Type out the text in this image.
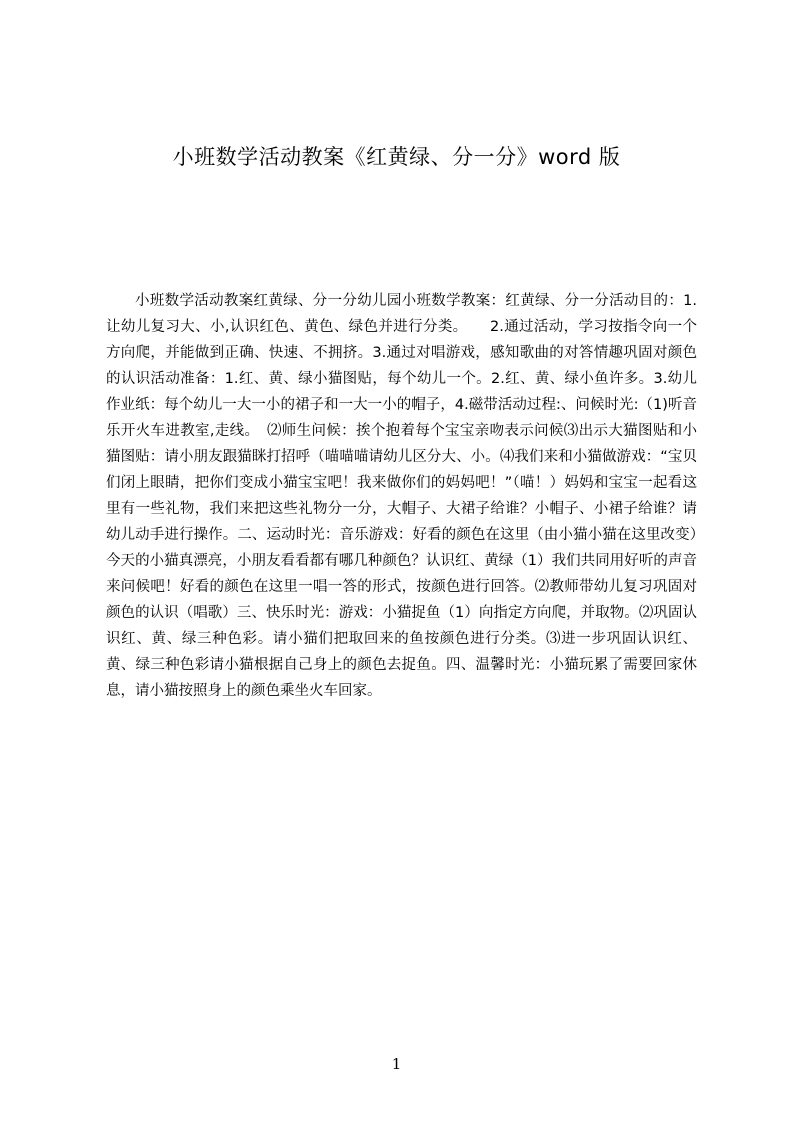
小班数学活动教案《红黄绿、分一分》word 版

小班数学活动教案红黄绿、分一分幼儿园小班数学教案：红黄绿、分一分活动目的：1.让幼儿复习大、小,认识红色、黄色、绿色并进行分类。　　2.通过活动，学习按指令向一个方向爬，并能做到正确、快速、不拥挤。3.通过对唱游戏，感知歌曲的对答情趣巩固对颜色的认识活动准备：1.红、黄、绿小猫图贴，每个幼儿一个。2.红、黄、绿小鱼许多。3.幼儿作业纸：每个幼儿一大一小的裙子和一大一小的帽子，4.磁带活动过程:、问候时光:（1)听音乐开火车进教室,走线。　⑵师生问候：挨个抱着每个宝宝亲吻表示问候⑶出示大猫图贴和小猫图贴：请小朋友跟猫眯打招呼（喵喵喵请幼儿区分大、小。⑷我们来和小猫做游戏：“宝贝们闭上眼睛，把你们变成小猫宝宝吧！我来做你们的妈妈吧！”（喵！）妈妈和宝宝一起看这里有一些礼物，我们来把这些礼物分一分，大帽子、大裙子给谁？小帽子、小裙子给谁？请幼儿动手进行操作。二、运动时光：音乐游戏：好看的颜色在这里（由小猫小猫在这里改变）今天的小猫真漂亮，小朋友看看都有哪几种颜色？认识红、黄绿（1）我们共同用好听的声音来问候吧！好看的颜色在这里一唱一答的形式，按颜色进行回答。⑵教师带幼儿复习巩固对颜色的认识（唱歌）三、快乐时光：游戏：小猫捉鱼（1）向指定方向爬，并取物。⑵巩固认识红、黄、绿三种色彩。请小猫们把取回来的鱼按颜色进行分类。⑶进一步巩固认识红、黄、绿三种色彩请小猫根据自己身上的颜色去捉鱼。四、温馨时光：小猫玩累了需要回家休息，请小猫按照身上的颜色乘坐火车回家。

1
